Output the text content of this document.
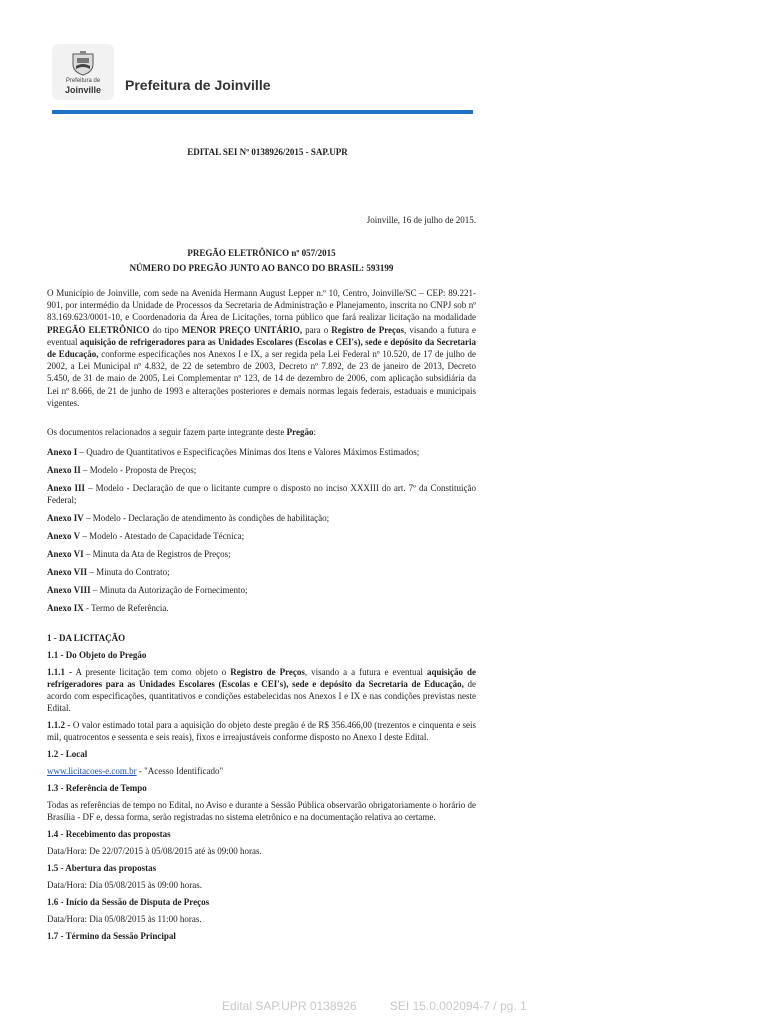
Prefeitura de
Joinville	Prefeitura de Joinville
EDITAL SEI Nº 0138926/2015 - SAP.UPR
Joinville, 16 de julho de 2015.
PREGÃO ELETRÔNICO nº 057/2015
NÚMERO DO PREGÃO JUNTO AO BANCO DO BRASIL: 593199

O Município de Joinville, com sede na Avenida Hermann August Lepper n.º 10, Centro, Joinville/SC – CEP: 89.221-901, por intermédio da Unidade de Processos da Secretaria de Administração e Planejamento, inscrita no CNPJ sob nº 83.169.623/0001-10, e Coordenadoria da Área de Licitações, torna público que fará realizar licitação na modalidade PREGÃO ELETRÔNICO do tipo MENOR PREÇO UNITÁRIO, para o Registro de Preços, visando a futura e eventual aquisição de refrigeradores para as Unidades Escolares (Escolas e CEI's), sede e depósito da Secretaria de Educação, conforme especificações nos Anexos I e IX, a ser regida pela Lei Federal nº 10.520, de 17 de julho de 2002, a Lei Municipal nº 4.832, de 22 de setembro de 2003, Decreto nº 7.892, de 23 de janeiro de 2013, Decreto 5.450, de 31 de maio de 2005, Lei Complementar nº 123, de 14 de dezembro de 2006, com aplicação subsidiária da Lei nº 8.666, de 21 de junho de 1993 e alterações posteriores e demais normas legais federais, estaduais e municipais vigentes.

Os documentos relacionados a seguir fazem parte integrante deste Pregão:

Anexo I – Quadro de Quantitativos e Especificações Mínimas dos Itens e Valores Máximos Estimados;

Anexo II – Modelo - Proposta de Preços;

Anexo III – Modelo - Declaração de que o licitante cumpre o disposto no inciso XXXIII do art. 7º da Constituição Federal;

Anexo IV – Modelo - Declaração de atendimento às condições de habilitação;

Anexo V – Modelo - Atestado de Capacidade Técnica;

Anexo VI – Minuta da Ata de Registros de Preços;

Anexo VII – Minuta do Contrato;

Anexo VIII – Minuta da Autorização de Fornecimento;

Anexo IX - Termo de Referência.

1 - DA LICITAÇÃO
1.1 - Do Objeto do Pregão

1.1.1 - A presente licitação tem como objeto o Registro de Preços, visando a a futura e eventual aquisição de refrigeradores para as Unidades Escolares (Escolas e CEI's), sede e depósito da Secretaria de Educação, de acordo com especificações, quantitativos e condições estabelecidas nos Anexos I e IX e nas condições previstas neste Edital.

1.1.2 - O valor estimado total para a aquisição do objeto deste pregão é de R$ 356.466,00 (trezentos e cinquenta e seis mil, quatrocentos e sessenta e seis reais), fixos e irreajustáveis conforme disposto no Anexo I deste Edital.

1.2 - Local

www.licitacoes-e.com.br - "Acesso Identificado"

1.3 - Referência de Tempo

Todas as referências de tempo no Edital, no Aviso e durante a Sessão Pública observarão obrigatoriamente o horário de Brasília - DF e, dessa forma, serão registradas no sistema eletrônico e na documentação relativa ao certame.

1.4 - Recebimento das propostas

Data/Hora: De 22/07/2015 à 05/08/2015 até às 09:00 horas.

1.5 - Abertura das propostas

Data/Hora: Dia 05/08/2015 às 09:00 horas.

1.6 - Início da Sessão de Disputa de Preços

Data/Hora: Dia 05/08/2015 às 11:00 horas.

1.7 - Término da Sessão Principal
Edital SAP.UPR 0138926	SEI 15.0.002094-7 / pg. 1
